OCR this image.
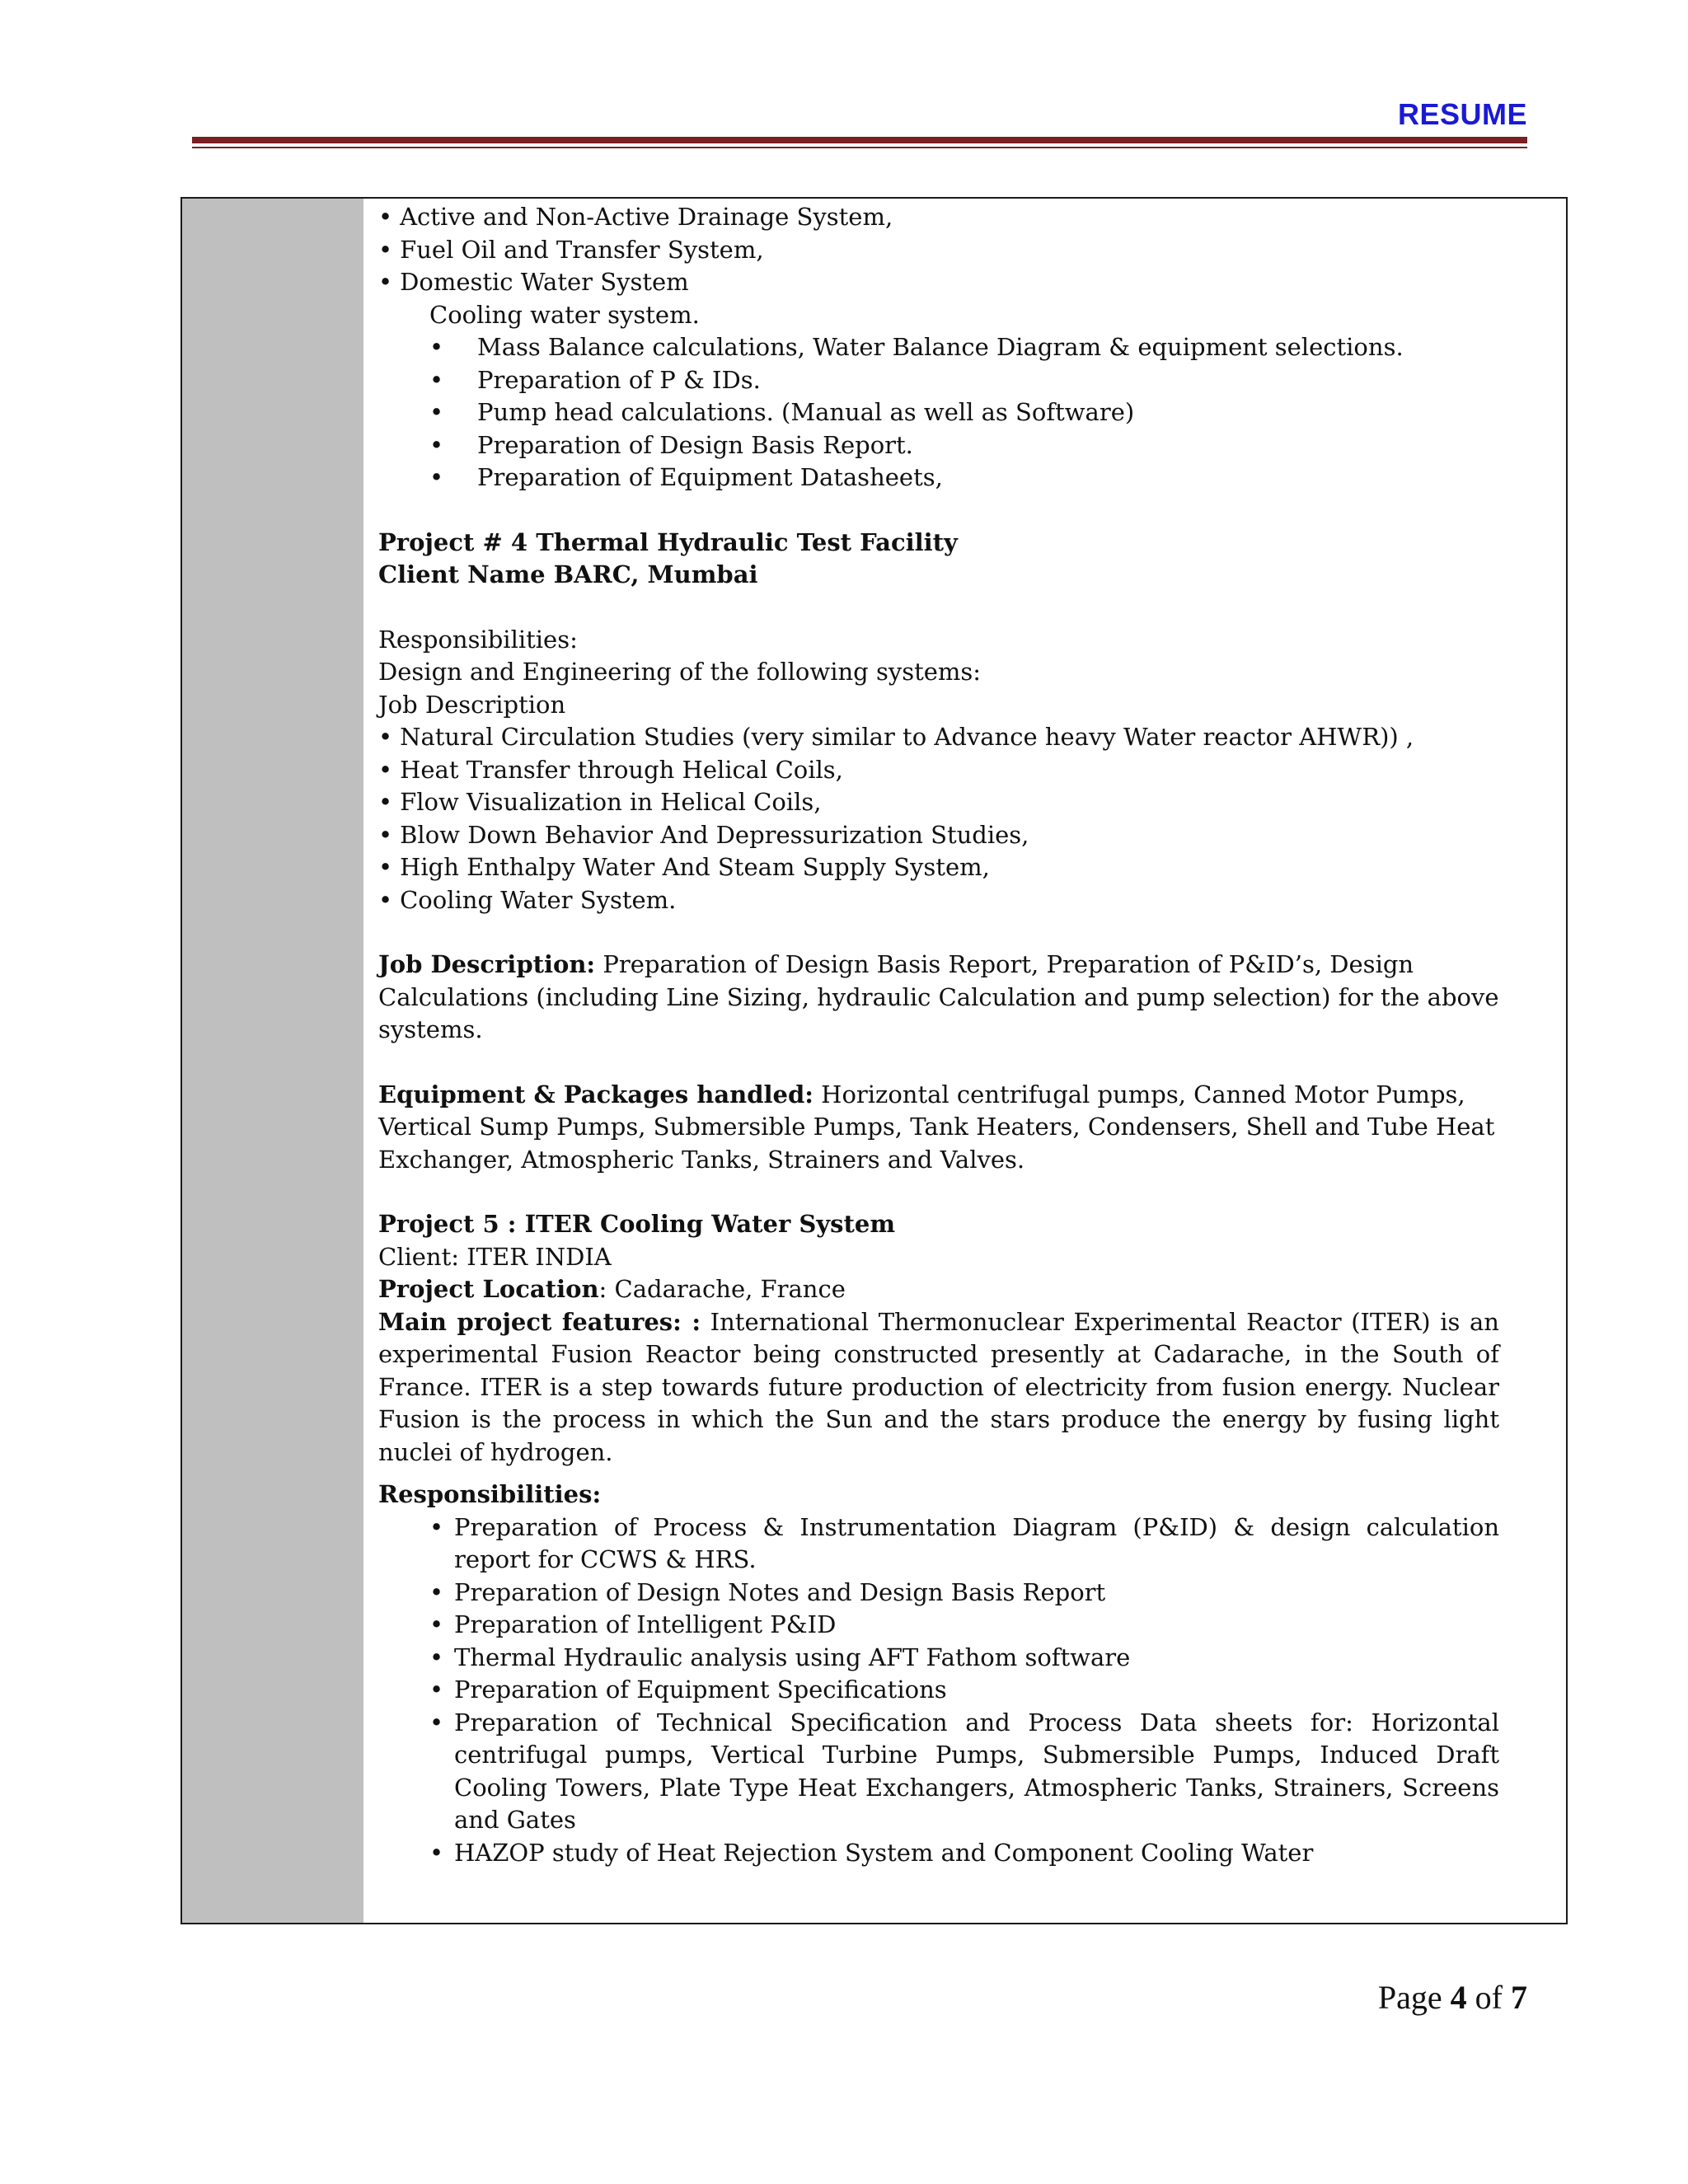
RESUME
• Active and Non-Active Drainage System,
• Fuel Oil and Transfer System,
• Domestic Water System

Cooling water system.

• Mass Balance calculations, Water Balance Diagram & equipment selections.
• Preparation of P & IDs.
• Pump head calculations. (Manual as well as Software)
• Preparation of Design Basis Report.
• Preparation of Equipment Datasheets,

Project # 4 Thermal Hydraulic Test Facility

Client Name BARC, Mumbai

Responsibilities:

Design and Engineering of the following systems:

Job Description

• Natural Circulation Studies (very similar to Advance heavy Water reactor AHWR)) ,
• Heat Transfer through Helical Coils,
• Flow Visualization in Helical Coils,
• Blow Down Behavior And Depressurization Studies,
• High Enthalpy Water And Steam Supply System,
• Cooling Water System.

Job Description: Preparation of Design Basis Report, Preparation of P&ID’s, Design Calculations (including Line Sizing, hydraulic Calculation and pump selection) for the above systems.

Equipment & Packages handled: Horizontal centrifugal pumps, Canned Motor Pumps, Vertical Sump Pumps, Submersible Pumps, Tank Heaters, Condensers, Shell and Tube Heat Exchanger, Atmospheric Tanks, Strainers and Valves.

Project 5 : ITER Cooling Water System

Client: ITER INDIA

Project Location: Cadarache, France

Main project features: : International Thermonuclear Experimental Reactor (ITER) is an experimental Fusion Reactor being constructed presently at Cadarache, in the South of France. ITER is a step towards future production of electricity from fusion energy. Nuclear Fusion is the process in which the Sun and the stars produce the energy by fusing light nuclei of hydrogen.

Responsibilities:

• Preparation of Process & Instrumentation Diagram (P&ID) & design calculation report for CCWS & HRS.
• Preparation of Design Notes and Design Basis Report
• Preparation of Intelligent P&ID
• Thermal Hydraulic analysis using AFT Fathom software
• Preparation of Equipment Specifications
• Preparation of Technical Specification and Process Data sheets for: Horizontal centrifugal pumps, Vertical Turbine Pumps, Submersible Pumps, Induced Draft Cooling Towers, Plate Type Heat Exchangers, Atmospheric Tanks, Strainers, Screens and Gates
• HAZOP study of Heat Rejection System and Component Cooling Water
Page 4 of 7
